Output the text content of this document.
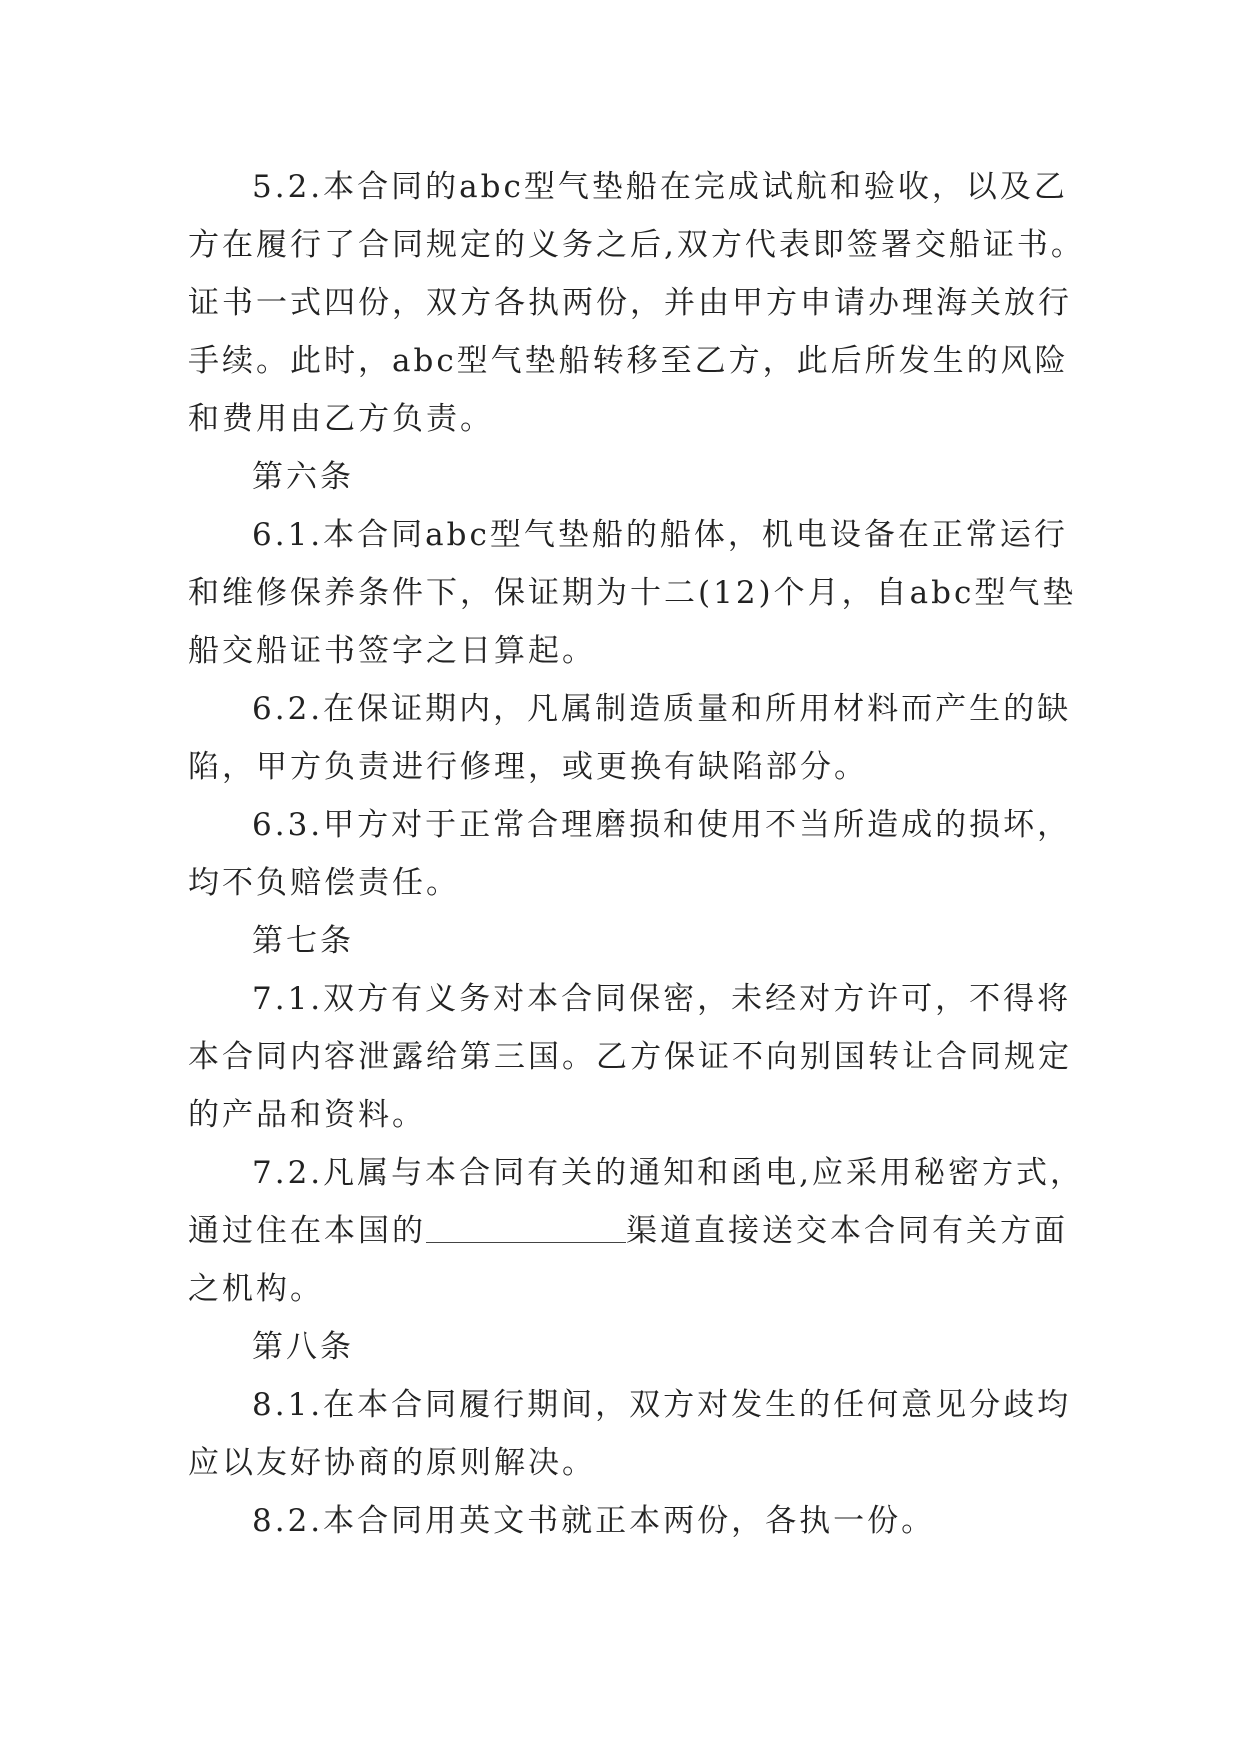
5.2.本合同的abc型气垫船在完成试航和验收，以及乙
方在履行了合同规定的义务之后,双方代表即签署交船证书。
证书一式四份，双方各执两份，并由甲方申请办理海关放行
手续。此时，abc型气垫船转移至乙方，此后所发生的风险
和费用由乙方负责。
第六条
6.1.本合同abc型气垫船的船体，机电设备在正常运行
和维修保养条件下，保证期为十二(12)个月，自abc型气垫
船交船证书签字之日算起。
6.2.在保证期内，凡属制造质量和所用材料而产生的缺
陷，甲方负责进行修理，或更换有缺陷部分。
6.3.甲方对于正常合理磨损和使用不当所造成的损坏，
均不负赔偿责任。
第七条
7.1.双方有义务对本合同保密，未经对方许可，不得将
本合同内容泄露给第三国。乙方保证不向别国转让合同规定
的产品和资料。
7.2.凡属与本合同有关的通知和函电,应采用秘密方式，
通过住在本国的	渠道直接送交本合同有关方面
之机构。
第八条
8.1.在本合同履行期间，双方对发生的任何意见分歧均
应以友好协商的原则解决。
8.2.本合同用英文书就正本两份，各执一份。
